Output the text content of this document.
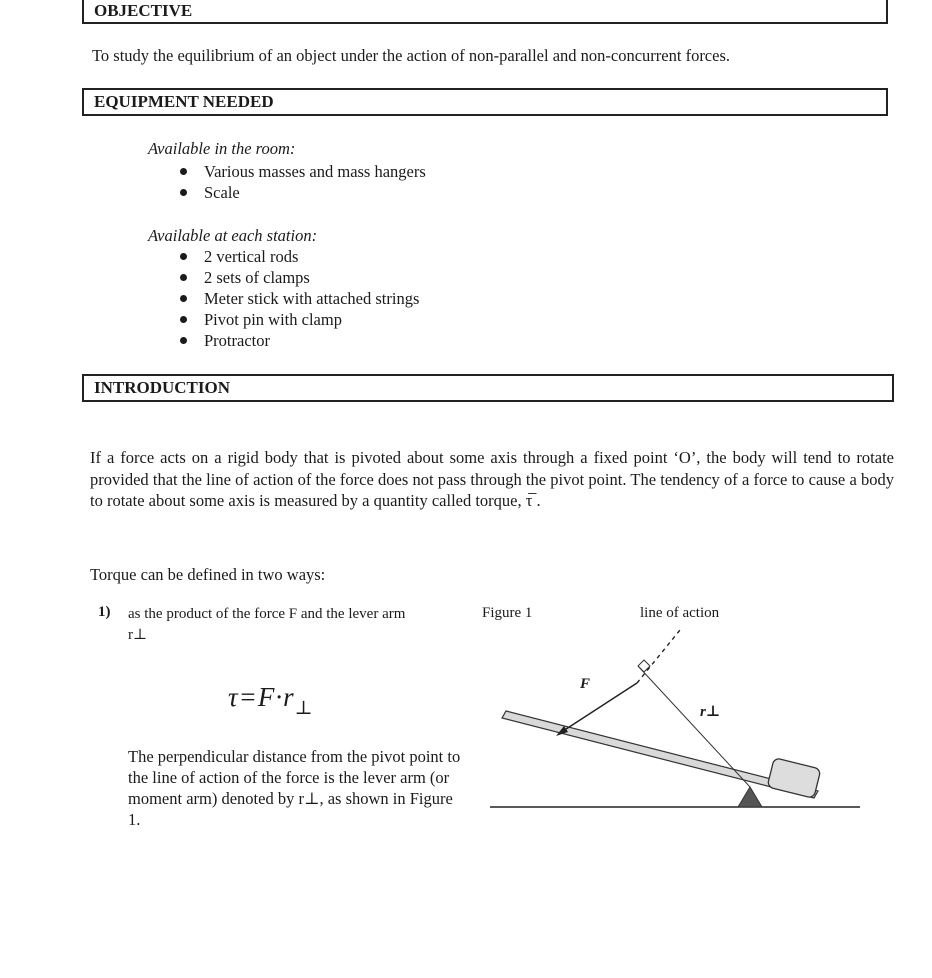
OBJECTIVE
To study the equilibrium of an object under the action of non-parallel and non-concurrent forces.
EQUIPMENT NEEDED
Available in the room:
Various masses and mass hangers
Scale
Available at each station:
2 vertical rods
2 sets of clamps
Meter stick with attached strings
Pivot pin with clamp
Protractor
INTRODUCTION
If a force acts on a rigid body that is pivoted about some axis through a fixed point ‘O’, the body will tend to rotate provided that the line of action of the force does not pass through the pivot point. The tendency of a force to cause a body to rotate about some axis is measured by a quantity called torque, τ̅ .
Torque can be defined in two ways:
1) as the product of the force F and the lever arm r⊥
$\tau=F\cdot r_\perp$
The perpendicular distance from the pivot point to the line of action of the force is the lever arm (or moment arm) denoted by r⊥, as shown in Figure 1.
Figure 1	line of action
F
r⊥
